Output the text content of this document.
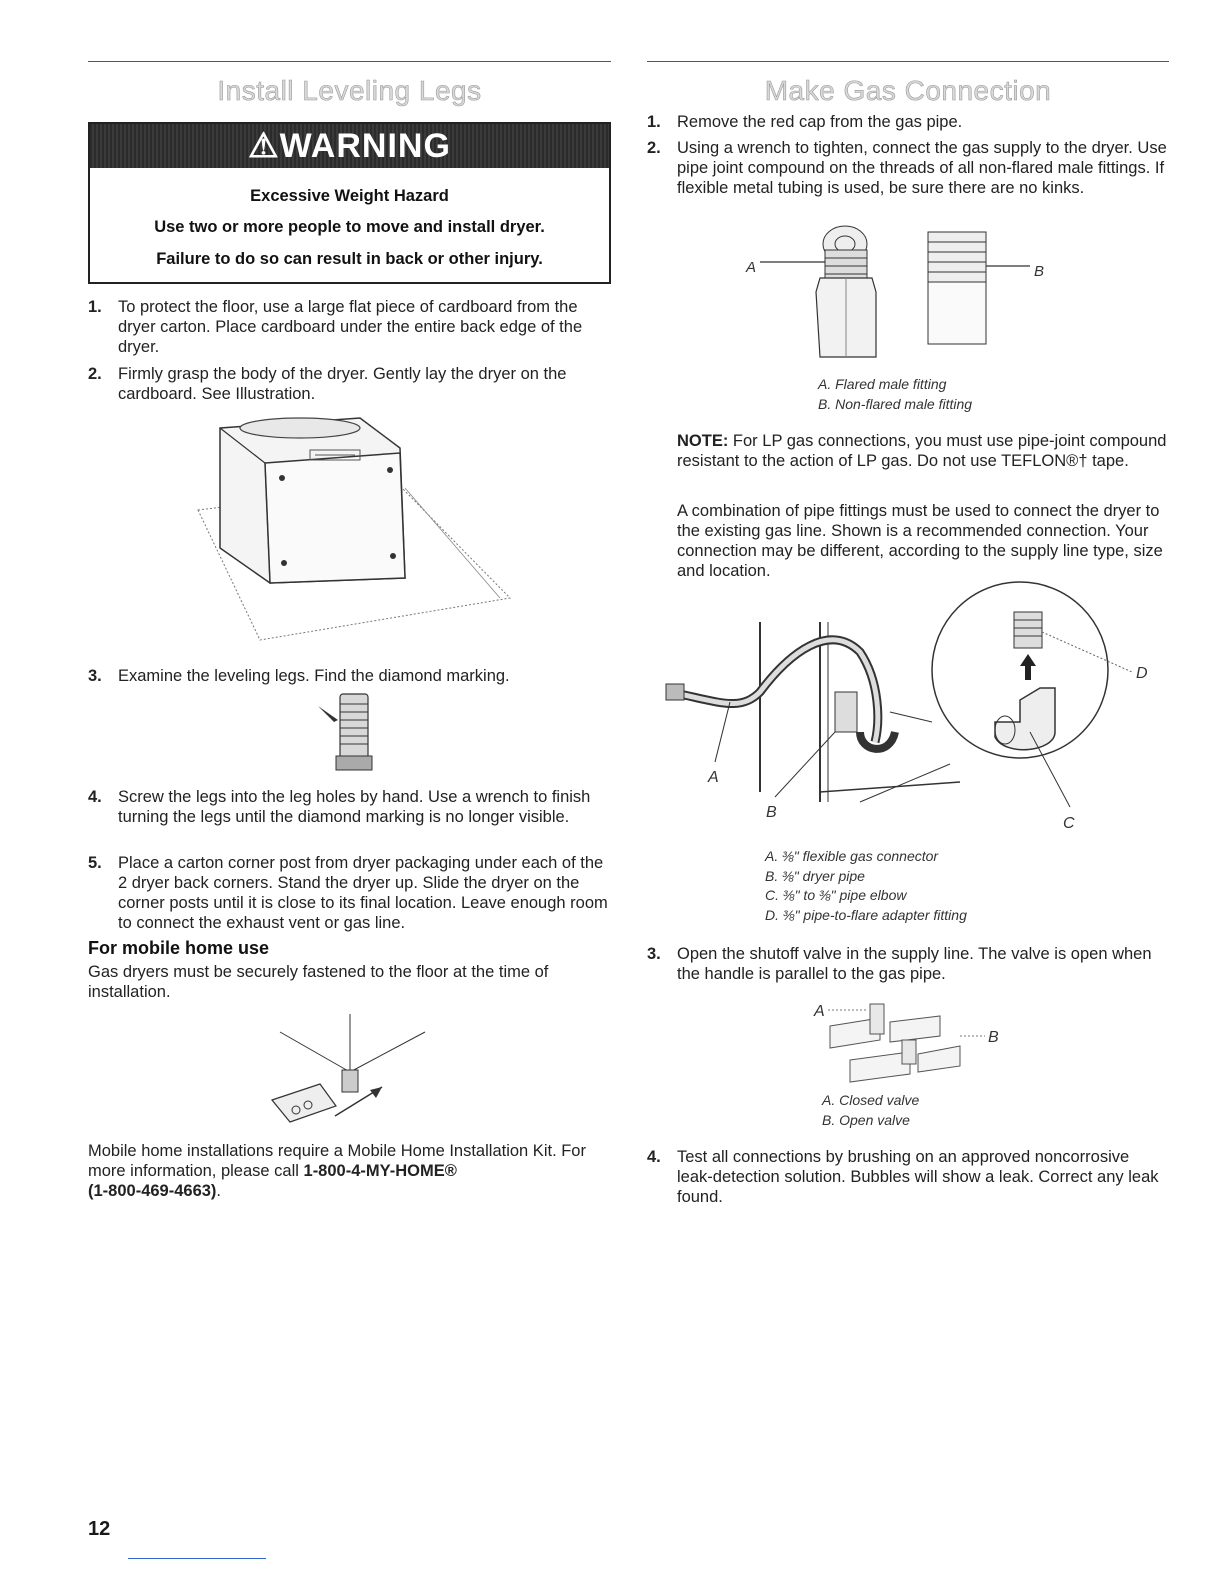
Install Leveling Legs
⚠WARNING
Excessive Weight Hazard
Use two or more people to move and install dryer.
Failure to do so can result in back or other injury.
1. To protect the floor, use a large flat piece of cardboard from the dryer carton. Place cardboard under the entire back edge of the dryer.
2. Firmly grasp the body of the dryer. Gently lay the dryer on the cardboard. See Illustration.
3. Examine the leveling legs. Find the diamond marking.
4. Screw the legs into the leg holes by hand. Use a wrench to finish turning the legs until the diamond marking is no longer visible.
5. Place a carton corner post from dryer packaging under each of the 2 dryer back corners. Stand the dryer up. Slide the dryer on the corner posts until it is close to its final location. Leave enough room to connect the exhaust vent or gas line.
For mobile home use
Gas dryers must be securely fastened to the floor at the time of installation.
Mobile home installations require a Mobile Home Installation Kit. For more information, please call 1-800-4-MY-HOME®
(1-800-469-4663).
12
Make Gas Connection
1. Remove the red cap from the gas pipe.
2. Using a wrench to tighten, connect the gas supply to the dryer. Use pipe joint compound on the threads of all non-flared male fittings. If flexible metal tubing is used, be sure there are no kinks.
A	B
A. Flared male fitting
B. Non-flared male fitting
NOTE: For LP gas connections, you must use pipe-joint compound resistant to the action of LP gas. Do not use TEFLON®† tape.
A combination of pipe fittings must be used to connect the dryer to the existing gas line. Shown is a recommended connection. Your connection may be different, according to the supply line type, size and location.
D
A
B
C
A. ⅜" flexible gas connector
B. ⅜" dryer pipe
C. ⅜" to ⅜" pipe elbow
D. ⅜" pipe-to-flare adapter fitting
3. Open the shutoff valve in the supply line. The valve is open when the handle is parallel to the gas pipe.
A
B
A. Closed valve
B. Open valve
4. Test all connections by brushing on an approved noncorrosive leak-detection solution. Bubbles will show a leak. Correct any leak found.
